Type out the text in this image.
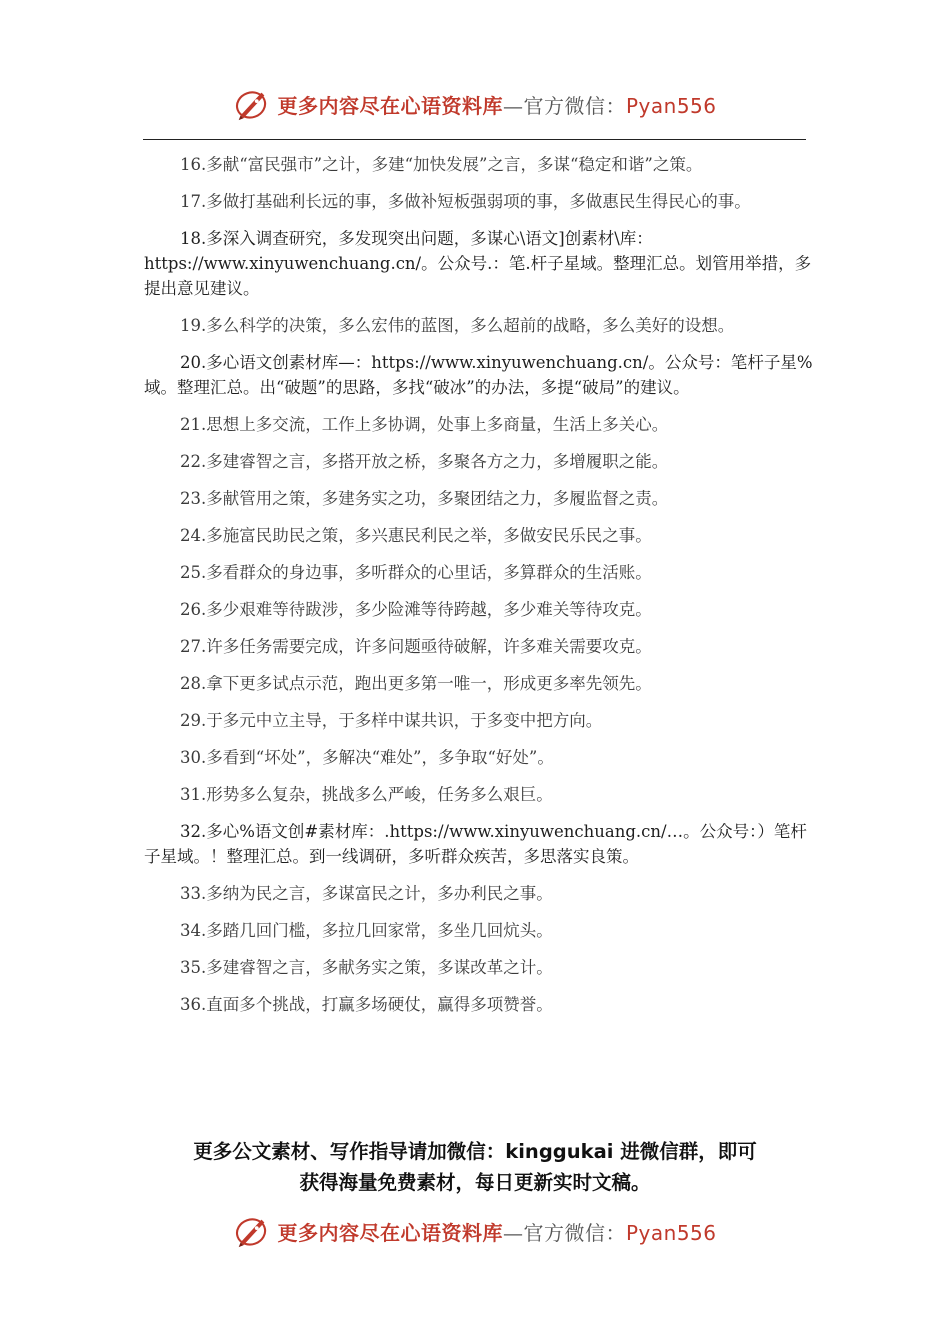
更多内容尽在心语资料库—官方微信：Pyan556

16.多献“富民强市”之计，多建“加快发展”之言，多谋“稳定和谐”之策。

17.多做打基础利长远的事，多做补短板强弱项的事，多做惠民生得民心的事。

18.多深入调查研究，多发现突出问题，多谋心\语文]创素材\库：https://www.xinyuwenchuang.cn/。公众号.：笔.杆子星域。整理汇总。划管用举措，多提出意见建议。

19.多么科学的决策，多么宏伟的蓝图，多么超前的战略，多么美好的设想。

20.多心语文创素材库—：https://www.xinyuwenchuang.cn/。公众号：笔杆子星%域。整理汇总。出“破题”的思路，多找“破冰”的办法，多提“破局”的建议。

21.思想上多交流，工作上多协调，处事上多商量，生活上多关心。

22.多建睿智之言，多搭开放之桥，多聚各方之力，多增履职之能。

23.多献管用之策，多建务实之功，多聚团结之力，多履监督之责。

24.多施富民助民之策，多兴惠民利民之举，多做安民乐民之事。

25.多看群众的身边事，多听群众的心里话，多算群众的生活账。

26.多少艰难等待跋涉，多少险滩等待跨越，多少难关等待攻克。

27.许多任务需要完成，许多问题亟待破解，许多难关需要攻克。

28.拿下更多试点示范，跑出更多第一唯一，形成更多率先领先。

29.于多元中立主导，于多样中谋共识，于多变中把方向。

30.多看到“坏处”，多解决“难处”，多争取“好处”。

31.形势多么复杂，挑战多么严峻，任务多么艰巨。

32.多心%语文创#素材库：.https://www.xinyuwenchuang.cn/…。公众号：）笔杆子星域。！整理汇总。到一线调研，多听群众疾苦，多思落实良策。

33.多纳为民之言，多谋富民之计，多办利民之事。

34.多踏几回门槛，多拉几回家常，多坐几回炕头。

35.多建睿智之言，多献务实之策，多谋改革之计。

36.直面多个挑战，打赢多场硬仗，赢得多项赞誉。

更多公文素材、写作指导请加微信：kinggukai 进微信群，即可
获得海量免费素材，每日更新实时文稿。
更多内容尽在心语资料库—官方微信：Pyan556
